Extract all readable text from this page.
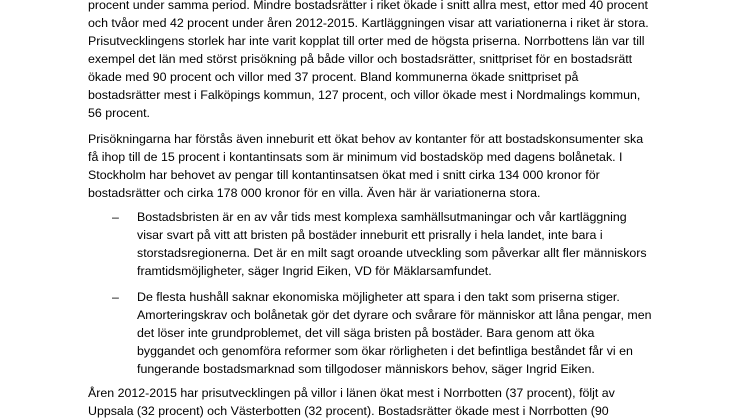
procent under samma period. Mindre bostadsrätter i riket ökade i snitt allra mest, ettor med 40 procent
och tvåor med 42 procent under åren 2012-2015. Kartläggningen visar att variationerna i riket är stora.
Prisutvecklingens storlek har inte varit kopplat till orter med de högsta priserna. Norrbottens län var till
exempel det län med störst prisökning på både villor och bostadsrätter, snittpriset för en bostadsrätt
ökade med 90 procent och villor med 37 procent. Bland kommunerna ökade snittpriset på
bostadsrätter mest i Falköpings kommun, 127 procent, och villor ökade mest i Nordmalings kommun,
56 procent.
Prisökningarna har förstås även inneburit ett ökat behov av kontanter för att bostadskonsumenter ska
få ihop till de 15 procent i kontantinsats som är minimum vid bostadsköp med dagens bolånetak. I
Stockholm har behovet av pengar till kontantinsatsen ökat med i snitt cirka 134 000 kronor för
bostadsrätter och cirka 178 000 kronor för en villa. Även här är variationerna stora.
– Bostadsbristen är en av vår tids mest komplexa samhällsutmaningar och vår kartläggning
visar svart på vitt att bristen på bostäder inneburit ett prisrally i hela landet, inte bara i
storstadsregionerna. Det är en milt sagt oroande utveckling som påverkar allt fler människors
framtidsmöjligheter, säger Ingrid Eiken, VD för Mäklarsamfundet.
– De flesta hushåll saknar ekonomiska möjligheter att spara i den takt som priserna stiger.
Amorteringskrav och bolånetak gör det dyrare och svårare för människor att låna pengar, men
det löser inte grundproblemet, det vill säga bristen på bostäder. Bara genom att öka
byggandet och genomföra reformer som ökar rörligheten i det befintliga beståndet får vi en
fungerande bostadsmarknad som tillgodoser människors behov, säger Ingrid Eiken.
Åren 2012-2015 har prisutvecklingen på villor i länen ökat mest i Norrbotten (37 procent), följt av
Uppsala (32 procent) och Västerbotten (32 procent). Bostadsrätter ökade mest i Norrbotten (90
